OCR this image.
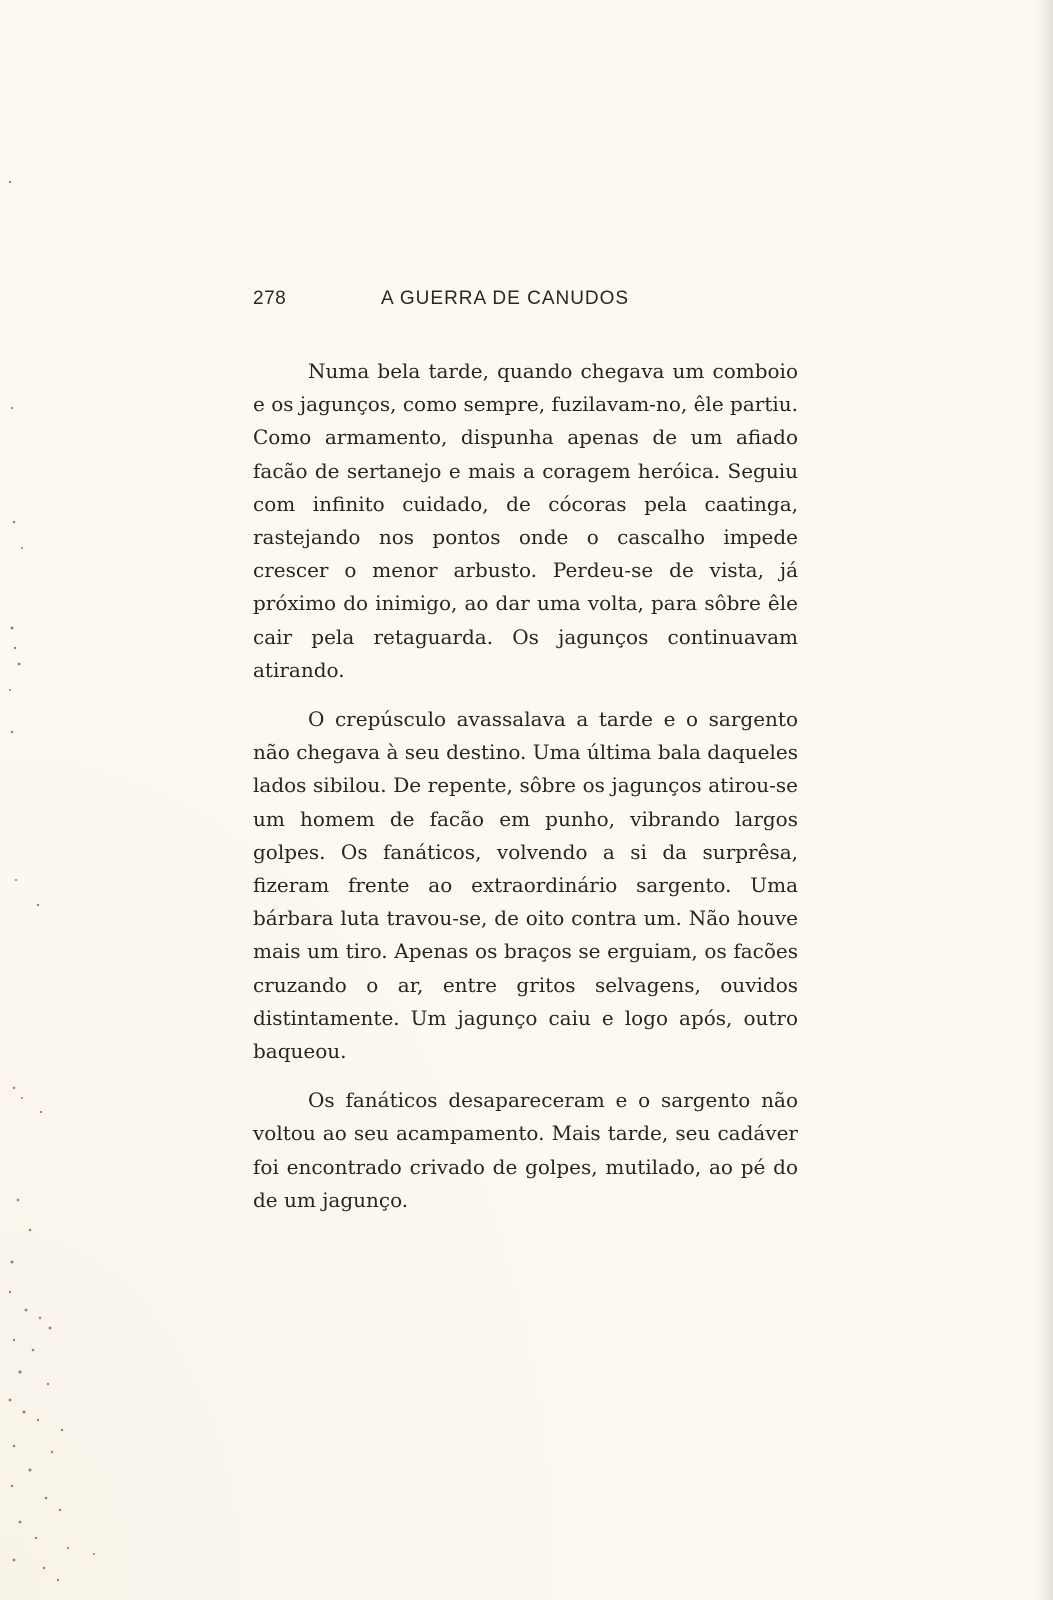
278	A GUERRA DE CANUDOS

Numa bela tarde, quando chegava um comboio e os jagunços, como sempre, fuzilavam-no, êle partiu. Como armamento, dispunha apenas de um afiado facão de sertanejo e mais a coragem heróica. Seguiu com infinito cuidado, de cócoras pela caatinga, rastejando nos pontos onde o cascalho impede crescer o menor arbusto. Perdeu-se de vista, já próximo do inimigo, ao dar uma volta, para sôbre êle cair pela retaguarda. Os jagunços continuavam atirando.

O crepúsculo avassalava a tarde e o sargento não chegava à seu destino. Uma última bala daqueles lados sibilou. De repente, sôbre os jagunços atirou-se um homem de facão em punho, vibrando largos golpes. Os fanáticos, volvendo a si da surprêsa, fizeram frente ao extraordinário sargento. Uma bárbara luta travou-se, de oito contra um. Não houve mais um tiro. Apenas os braços se erguiam, os facões cruzando o ar, entre gritos selvagens, ouvidos distintamente. Um jagunço caiu e logo após, outro baqueou.

Os fanáticos desapareceram e o sargento não voltou ao seu acampamento. Mais tarde, seu cadáver foi encontrado crivado de golpes, mutilado, ao pé do de um jagunço.
